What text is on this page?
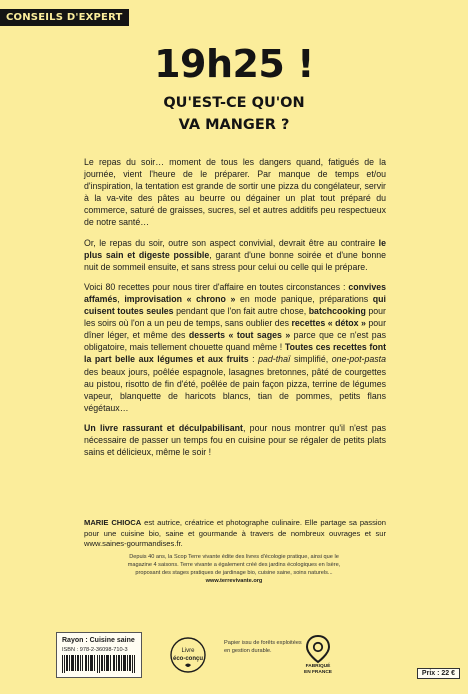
CONSEILS D'EXPERT
19h25 !
QU'EST-CE QU'ON
VA MANGER ?

Le repas du soir… moment de tous les dangers quand, fatigués de la journée, vient l'heure de le préparer. Par manque de temps et/ou d'inspiration, la tentation est grande de sortir une pizza du congélateur, servir à la va-vite des pâtes au beurre ou dégainer un plat tout préparé du commerce, saturé de graisses, sucres, sel et autres additifs peu respectueux de notre santé…

Or, le repas du soir, outre son aspect convivial, devrait être au contraire le plus sain et digeste possible, garant d'une bonne soirée et d'une bonne nuit de sommeil ensuite, et sans stress pour celui ou celle qui le prépare.

Voici 80 recettes pour nous tirer d'affaire en toutes circonstances : convives affamés, improvisation « chrono » en mode panique, préparations qui cuisent toutes seules pendant que l'on fait autre chose, batchcooking pour les soirs où l'on a un peu de temps, sans oublier des recettes « détox » pour dîner léger, et même des desserts « tout sages » parce que ce n'est pas obligatoire, mais tellement chouette quand même ! Toutes ces recettes font la part belle aux légumes et aux fruits : pad-thaï simplifié, one-pot-pasta des beaux jours, poêlée espagnole, lasagnes bretonnes, pâté de courgettes au pistou, risotto de fin d'été, poêlée de pain façon pizza, terrine de légumes vapeur, blanquette de haricots blancs, tian de pommes, petits flans végétaux…

Un livre rassurant et déculpabilisant, pour nous montrer qu'il n'est pas nécessaire de passer un temps fou en cuisine pour se régaler de petits plats sains et délicieux, même le soir !

MARIE CHIOCA est autrice, créatrice et photographe culinaire. Elle partage sa passion pour une cuisine bio, saine et gourmande à travers de nombreux ouvrages et sur www.saines-gourmandises.fr.
Depuis 40 ans, la Scop Terre vivante édite des livres d'écologie pratique, ainsi que le magazine 4 saisons. Terre vivante a également créé des jardins écologiques en Isère, proposant des stages pratiques de jardinage bio, cuisine saine, soins naturels...
www.terrevivante.org
Rayon : Cuisine saine
ISBN : 978-2-36098-710-3	Livre
éco-conçu
Papier issu de forêts exploitées en gestion durable.
FABRIQUÉ
EN FRANCE	Prix : 22 €
